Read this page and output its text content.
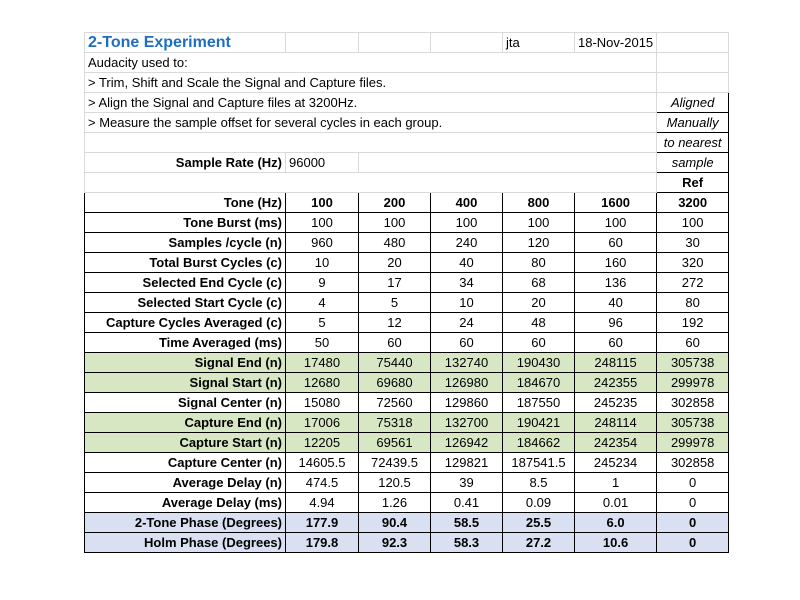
2-Tone Experiment				jta	18-Nov-2015	
Audacity used to:						
> Trim, Shift and Scale the Signal and Capture files.						
> Align the Signal and Capture files at 3200Hz.						Aligned
> Measure the sample offset for several cycles in each group.						Manually
						to nearest
Sample Rate (Hz)	96000					sample
						Ref
Tone (Hz)	100	200	400	800	1600	3200
Tone Burst (ms)	100	100	100	100	100	100
Samples /cycle (n)	960	480	240	120	60	30
Total Burst Cycles (c)	10	20	40	80	160	320
Selected End Cycle (c)	9	17	34	68	136	272
Selected Start Cycle (c)	4	5	10	20	40	80
Capture Cycles Averaged (c)	5	12	24	48	96	192
Time Averaged (ms)	50	60	60	60	60	60
Signal End (n)	17480	75440	132740	190430	248115	305738
Signal Start (n)	12680	69680	126980	184670	242355	299978
Signal Center (n)	15080	72560	129860	187550	245235	302858
Capture End (n)	17006	75318	132700	190421	248114	305738
Capture Start (n)	12205	69561	126942	184662	242354	299978
Capture Center (n)	14605.5	72439.5	129821	187541.5	245234	302858
Average Delay (n)	474.5	120.5	39	8.5	1	0
Average Delay (ms)	4.94	1.26	0.41	0.09	0.01	0
2-Tone Phase (Degrees)	177.9	90.4	58.5	25.5	6.0	0
Holm Phase (Degrees)	179.8	92.3	58.3	27.2	10.6	0
